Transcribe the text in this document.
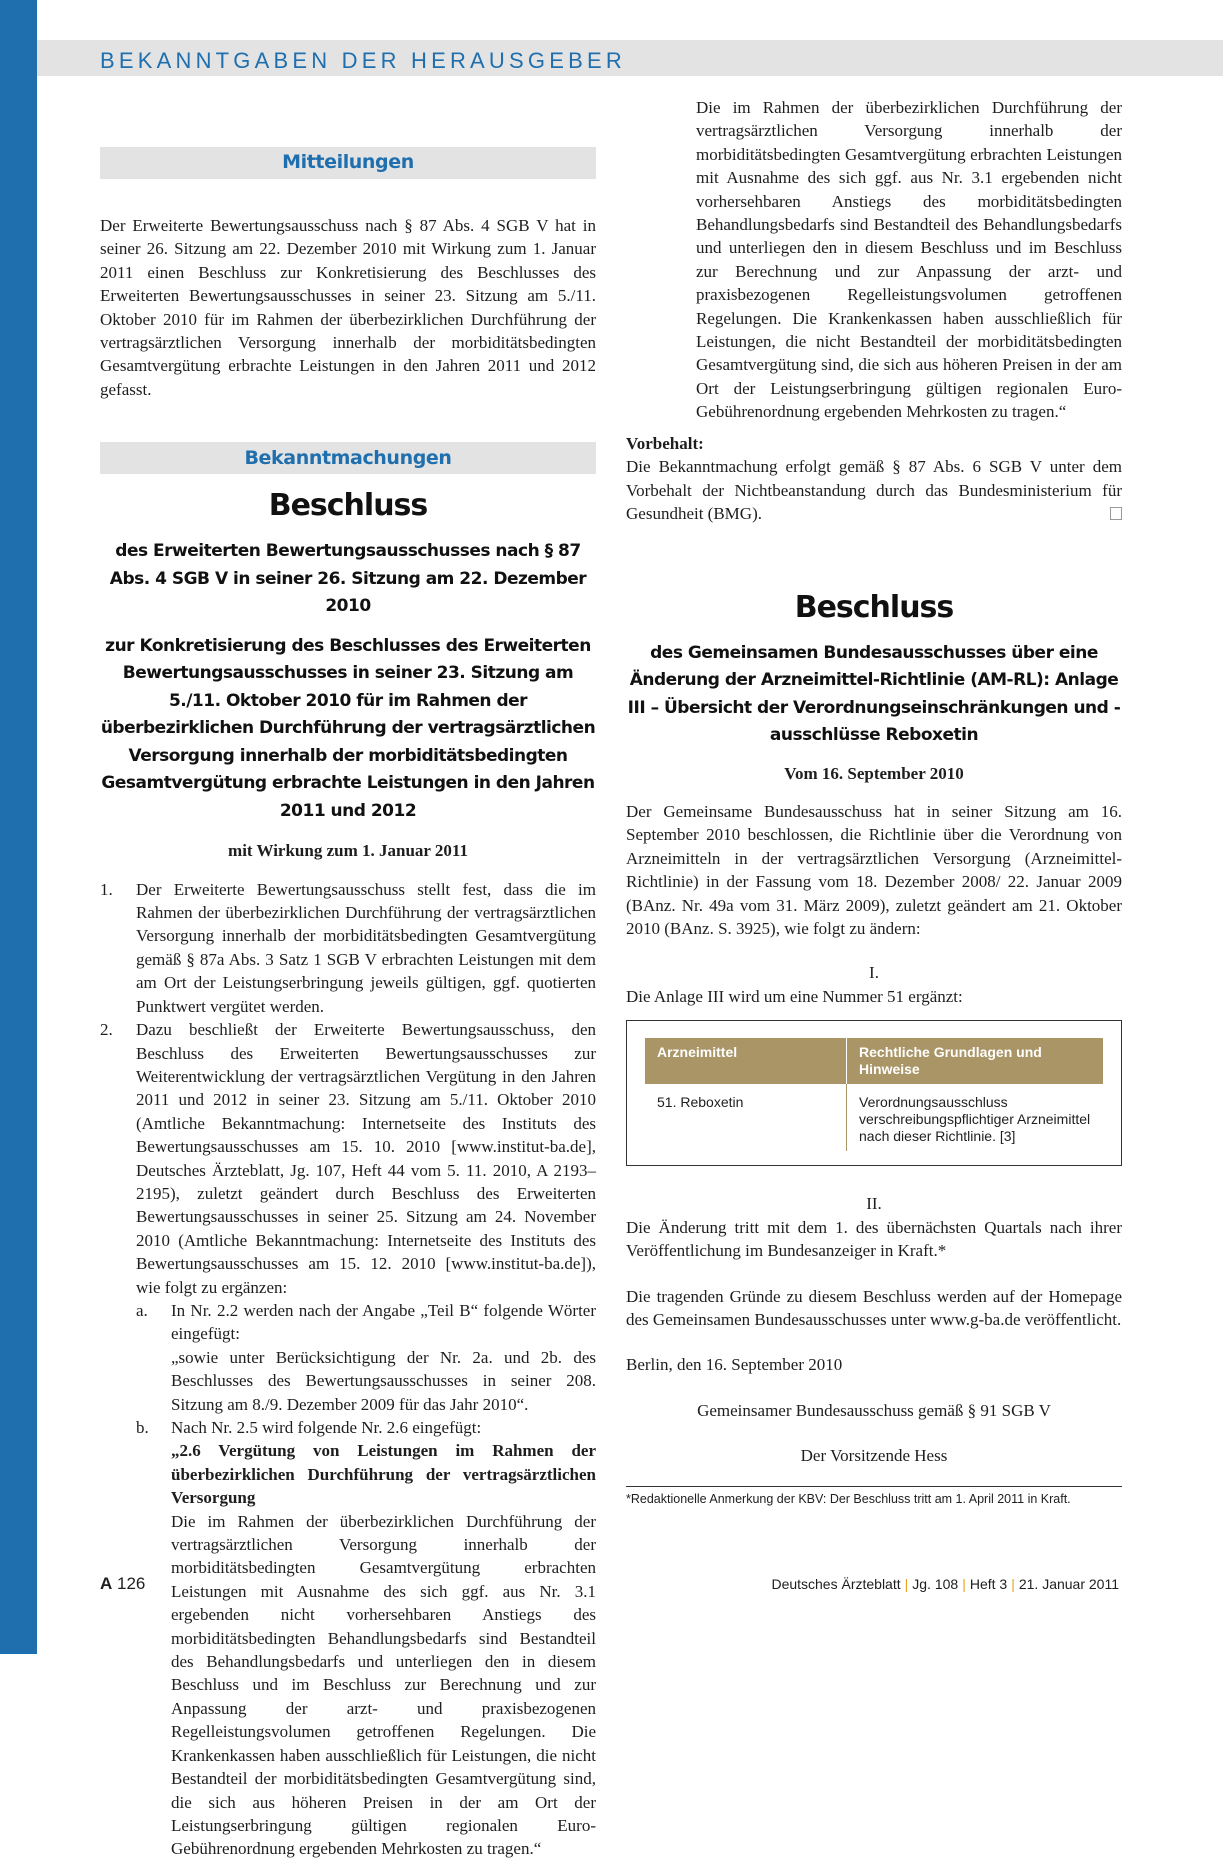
BEKANNTGABEN DER HERAUSGEBER
Mitteilungen

Der Erweiterte Bewertungsausschuss nach § 87 Abs. 4 SGB V hat in seiner 26. Sitzung am 22. Dezember 2010 mit Wirkung zum 1. Januar 2011 einen Beschluss zur Konkretisierung des Beschlusses des Erweiterten Bewertungsausschusses in seiner 23. Sitzung am 5./11. Oktober 2010 für im Rahmen der überbezirklichen Durchführung der vertragsärztlichen Versorgung innerhalb der morbiditätsbedingten Gesamtvergütung erbrachte Leistungen in den Jahren 2011 und 2012 gefasst.

Bekanntmachungen
Beschluss
des Erweiterten Bewertungsausschusses nach § 87 Abs. 4 SGB V in seiner 26. Sitzung am 22. Dezember 2010
zur Konkretisierung des Beschlusses des Erweiterten Bewertungsausschusses in seiner 23. Sitzung am 5./11. Oktober 2010 für im Rahmen der überbezirklichen Durchführung der vertragsärztlichen Versorgung innerhalb der morbiditätsbedingten Gesamtvergütung erbrachte Leistungen in den Jahren 2011 und 2012
mit Wirkung zum 1. Januar 2011
1. Der Erweiterte Bewertungsausschuss stellt fest, dass die im Rahmen der überbezirklichen Durchführung der vertragsärztlichen Versorgung innerhalb der morbiditätsbedingten Gesamtvergütung gemäß § 87a Abs. 3 Satz 1 SGB V erbrachten Leistungen mit dem am Ort der Leistungserbringung jeweils gültigen, ggf. quotierten Punktwert vergütet werden.
2. Dazu beschließt der Erweiterte Bewertungsausschuss, den Beschluss des Erweiterten Bewertungsausschusses zur Weiterentwicklung der vertragsärztlichen Vergütung in den Jahren 2011 und 2012 in seiner 23. Sitzung am 5./11. Oktober 2010 (Amtliche Bekanntmachung: Internetseite des Instituts des Bewertungsausschusses am 15. 10. 2010 [www.institut-ba.de], Deutsches Ärzteblatt, Jg. 107, Heft 44 vom 5. 11. 2010, A 2193–2195), zuletzt geändert durch Beschluss des Erweiterten Bewertungsausschusses in seiner 25. Sitzung am 24. November 2010 (Amtliche Bekanntmachung: Internetseite des Instituts des Bewertungsausschusses am 15. 12. 2010 [www.institut-ba.de]), wie folgt zu ergänzen:
a. In Nr. 2.2 werden nach der Angabe „Teil B“ folgende Wörter eingefügt:
„sowie unter Berücksichtigung der Nr. 2a. und 2b. des Beschlusses des Bewertungsausschusses in seiner 208. Sitzung am 8./9. Dezember 2009 für das Jahr 2010“.
b. Nach Nr. 2.5 wird folgende Nr. 2.6 eingefügt:
„2.6 Vergütung von Leistungen im Rahmen der überbezirklichen Durchführung der vertragsärztlichen Versorgung
Die im Rahmen der überbezirklichen Durchführung der vertragsärztlichen Versorgung innerhalb der morbiditätsbedingten Gesamtvergütung erbrachten Leistungen mit Ausnahme des sich ggf. aus Nr. 3.1 ergebenden nicht vorhersehbaren Anstiegs des morbiditätsbedingten Behandlungsbedarfs sind Bestandteil des Behandlungsbedarfs und unterliegen den in diesem Beschluss und im Beschluss zur Berechnung und zur Anpassung der arzt- und praxisbezogenen Regelleistungsvolumen getroffenen Regelungen. Die Krankenkassen haben ausschließlich für Leistungen, die nicht Bestandteil der morbiditätsbedingten Gesamtvergütung sind, die sich aus höheren Preisen in der am Ort der Leistungserbringung gültigen regionalen Euro-Gebührenordnung ergebenden Mehrkosten zu tragen.“
Die im Rahmen der überbezirklichen Durchführung der vertragsärztlichen Versorgung innerhalb der morbiditätsbedingten Gesamtvergütung erbrachten Leistungen mit Ausnahme des sich ggf. aus Nr. 3.1 ergebenden nicht vorhersehbaren Anstiegs des morbiditätsbedingten Behandlungsbedarfs sind Bestandteil des Behandlungsbedarfs und unterliegen den in diesem Beschluss und im Beschluss zur Berechnung und zur Anpassung der arzt- und praxisbezogenen Regelleistungsvolumen getroffenen Regelungen. Die Krankenkassen haben ausschließlich für Leistungen, die nicht Bestandteil der morbiditätsbedingten Gesamtvergütung sind, die sich aus höheren Preisen in der am Ort der Leistungserbringung gültigen regionalen Euro-Gebührenordnung ergebenden Mehrkosten zu tragen.“
Vorbehalt:
Die Bekanntmachung erfolgt gemäß § 87 Abs. 6 SGB V unter dem Vorbehalt der Nichtbeanstandung durch das Bundesministerium für Gesundheit (BMG).
Beschluss
des Gemeinsamen Bundesausschusses über eine Änderung der Arzneimittel-Richtlinie (AM-RL): Anlage III – Übersicht der Verordnungseinschränkungen und -ausschlüsse Reboxetin
Vom 16. September 2010

Der Gemeinsame Bundesausschuss hat in seiner Sitzung am 16. September 2010 beschlossen, die Richtlinie über die Verordnung von Arzneimitteln in der vertragsärztlichen Versorgung (Arzneimittel-Richtlinie) in der Fassung vom 18. Dezember 2008/ 22. Januar 2009 (BAnz. Nr. 49a vom 31. März 2009), zuletzt geändert am 21. Oktober 2010 (BAnz. S. 3925), wie folgt zu ändern:

I.
Die Anlage III wird um eine Nummer 51 ergänzt:
Arzneimittel	Rechtliche Grundlagen und Hinweise
51. Reboxetin	Verordnungsausschluss verschreibungspflichtiger Arzneimittel nach dieser Richtlinie. [3]
II.
Die Änderung tritt mit dem 1. des übernächsten Quartals nach ihrer Veröffentlichung im Bundesanzeiger in Kraft.*
Die tragenden Gründe zu diesem Beschluss werden auf der Homepage des Gemeinsamen Bundesausschusses unter www.g-ba.de veröffentlicht.
Berlin, den 16. September 2010
Gemeinsamer Bundesausschuss gemäß § 91 SGB V
Der Vorsitzende Hess
*Redaktionelle Anmerkung der KBV: Der Beschluss tritt am 1. April 2011 in Kraft.
A 126	Deutsches Ärzteblatt | Jg. 108 | Heft 3 | 21. Januar 2011
